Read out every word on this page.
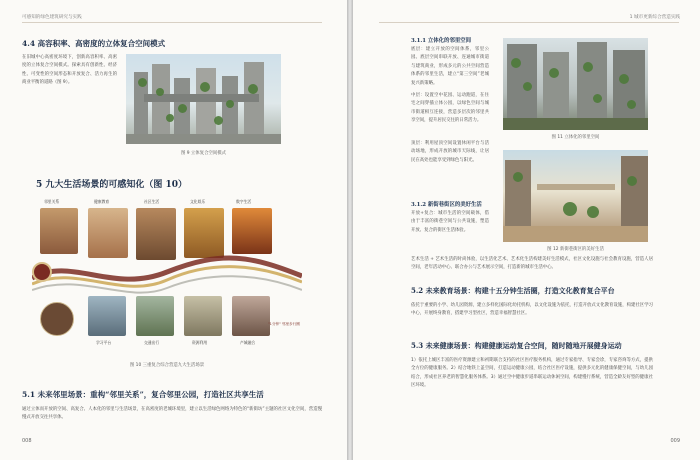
可感知的绿色建筑研究与实践
4.4 高容积率、高密度的立体复合空间模式
在旧城中心高密度环境下，创新高容积率、高密度的立体复合空间模式。探索具有创新性、经济性、可变性的空间形态和开放复合、活力再生的商业平衡的道路（图 9）。
图 9 立体复合空间模式
5 九大生活场景的可感知化（图 10）
邻里关系	健康教育	社区生活	文化娱乐	数字生活
"1分钟" 邻里步行圈
学习平台	交通出行	资源利用	产城融合
图 10 三重复合综合营造九大生活场景
5.1 未来邻里场景：重构“邻里关系”，复合邻里公园，打造社区共享生活
通过立体而开放的空间、高复合、人本化的邻里与生活场景，在高密度的老城环境里，建立以生活绿色网络为特色的“新街坊”主题的社区文化空间，营造慢慢式开放交往共享体。
008
1 城市更新综合营造实践
3.1.1 立体化的邻里空间
底层：建立开放的空间体系，邻里公园。底层空间串联开放、连通城市街道与建筑商业，形成多元的公共空间营造体系的邻里生活，建立“第三空间”老城复兴新策略。
中层：设置空中花园、运动跑道，在住宅之间穿插立体公园，以绿色空间与城市街道相互连接，营造多层次的邻里共享空间，提升居民交往的日常活力。
顶层：利用屋顶空间设置休闲平台与活动场地，形成开放的城市天际线，让居民在高处也能享受到绿色与阳光。
图 11 立体化的邻里空间
3.1.2 新街巷街区的美好生活
开放+复合：城市生活的空间载体，借由于丰富的街巷空间与公共设施，塑造开放、复合的街区生活体验。
图 12 新街巷街区的美好生活
艺术生活 + 艺术生活的时尚体验，以生活化艺术、艺术化生活构建美好生活模式，社区文化设施与社会教育设施，营造人居空间，老年活动中心、联合办公与艺术展示空间，打造新的城市生活中心。
5.2 未来教育场景：构建十五分钟生活圈，打造文化教育复合平台
依托于重要的小学、幼儿园资源，建立多样化国际化幼托机构，以文化设施为依托，打造开放式文化教育设施，构建社区学习中心，开展终身教育，搭建学习型社区，营造幸福智慧社区。
5.3 未来健康场景：构建健康运动复合空间，随时随地开展健身运动
1）依托上城区丰富的医疗资源建立和初期联合支持的社区医疗服务机构，通过专家指导、专家会诊，专家咨询等方式，提供全方位的健康服务。2）结合地铁上盖空间，打造运动健康公园，结合社区医疗设施，提供多元化的健康保健空间，与幼儿园结合，形成社区养老的智慧化服务体系。3）通过空中健康步道串联运动休闲空间，构建慢行系统，营造全龄友好型的健康社区环境。
009
